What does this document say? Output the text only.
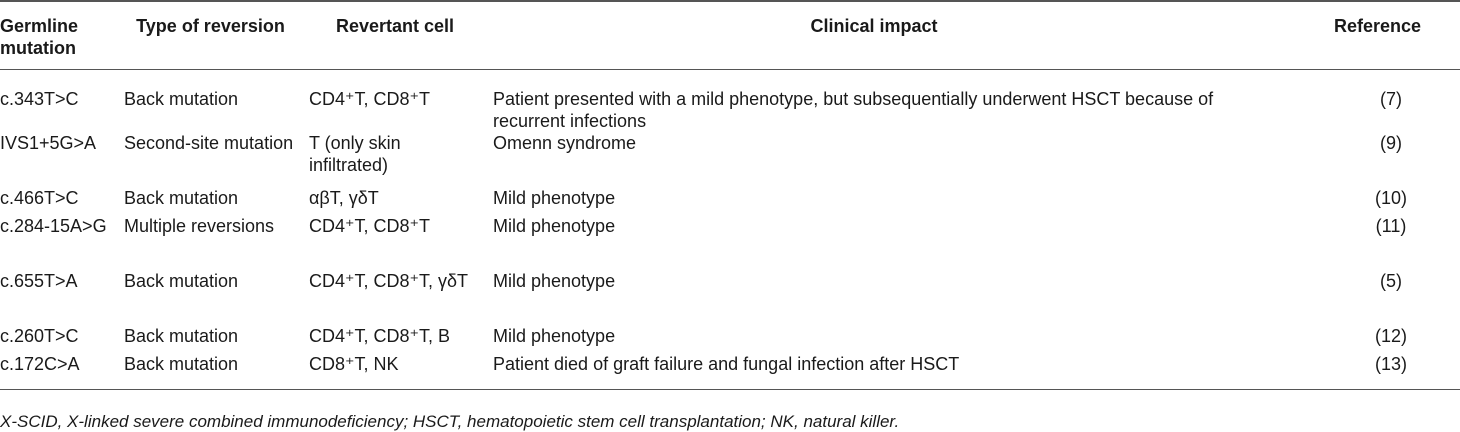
Germline mutation	Type of reversion	Revertant cell	Clinical impact		Reference
c.343T>C	Back mutation	CD4⁺T, CD8⁺T	Patient presented with a mild phenotype, but subsequentially underwent HSCT because of recurrent infections		(7)
IVS1+5G>A	Second-site mutation	T (only skin infiltrated)	Omenn syndrome		(9)
c.466T>C	Back mutation	αβT, γδT	Mild phenotype		(10)
c.284-15A>G	Multiple reversions	CD4⁺T, CD8⁺T	Mild phenotype		(11)
c.655T>A	Back mutation	CD4⁺T, CD8⁺T, γδT	Mild phenotype		(5)
c.260T>C	Back mutation	CD4⁺T, CD8⁺T, B	Mild phenotype		(12)
c.172C>A	Back mutation	CD8⁺T, NK	Patient died of graft failure and fungal infection after HSCT		(13)
X-SCID, X-linked severe combined immunodeficiency; HSCT, hematopoietic stem cell transplantation; NK, natural killer.
